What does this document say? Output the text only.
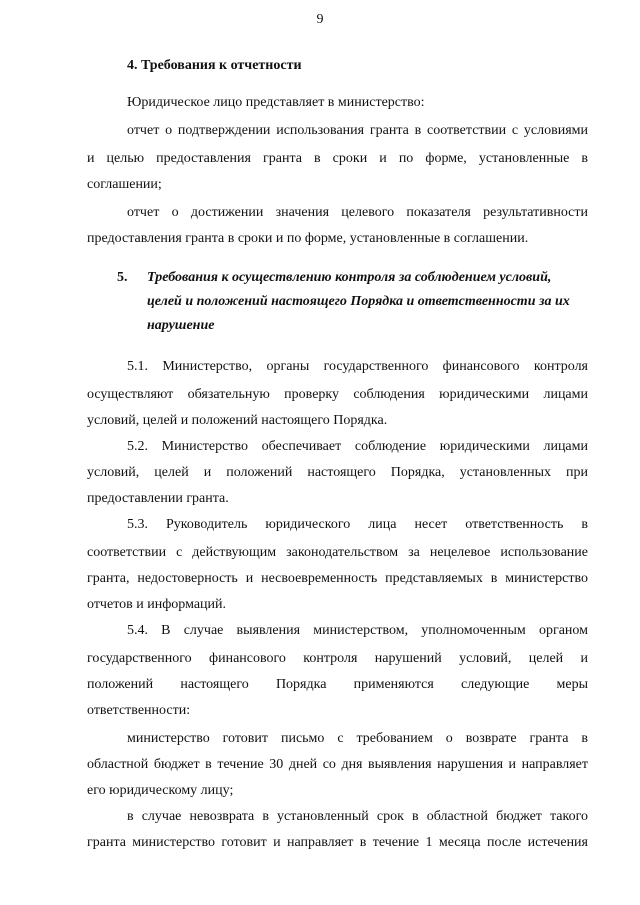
9
4. Требования к отчетности
Юридическое лицо представляет в министерство:
отчет о подтверждении использования гранта в соответствии с условиями
и целью предоставления гранта в сроки и по форме, установленные в
соглашении;
отчет о достижении значения целевого показателя результативности
предоставления гранта в сроки и по форме, установленные в соглашении.
5. Требования к осуществлению контроля за соблюдением условий,
целей и положений настоящего Порядка и ответственности за их
нарушение
5.1. Министерство, органы государственного финансового контроля
осуществляют обязательную проверку соблюдения юридическими лицами
условий, целей и положений настоящего Порядка.
5.2. Министерство обеспечивает соблюдение юридическими лицами
условий, целей и положений настоящего Порядка, установленных при
предоставлении гранта.
5.3. Руководитель юридического лица несет ответственность в
соответствии с действующим законодательством за нецелевое использование
гранта, недостоверность и несвоевременность представляемых в министерство
отчетов и информаций.
5.4. В случае выявления министерством, уполномоченным органом
государственного финансового контроля нарушений условий, целей и
положений настоящего Порядка применяются следующие меры
ответственности:
министерство готовит письмо с требованием о возврате гранта в
областной бюджет в течение 30 дней со дня выявления нарушения и направляет
его юридическому лицу;
в случае невозврата в установленный срок в областной бюджет такого
гранта министерство готовит и направляет в течение 1 месяца после истечения
